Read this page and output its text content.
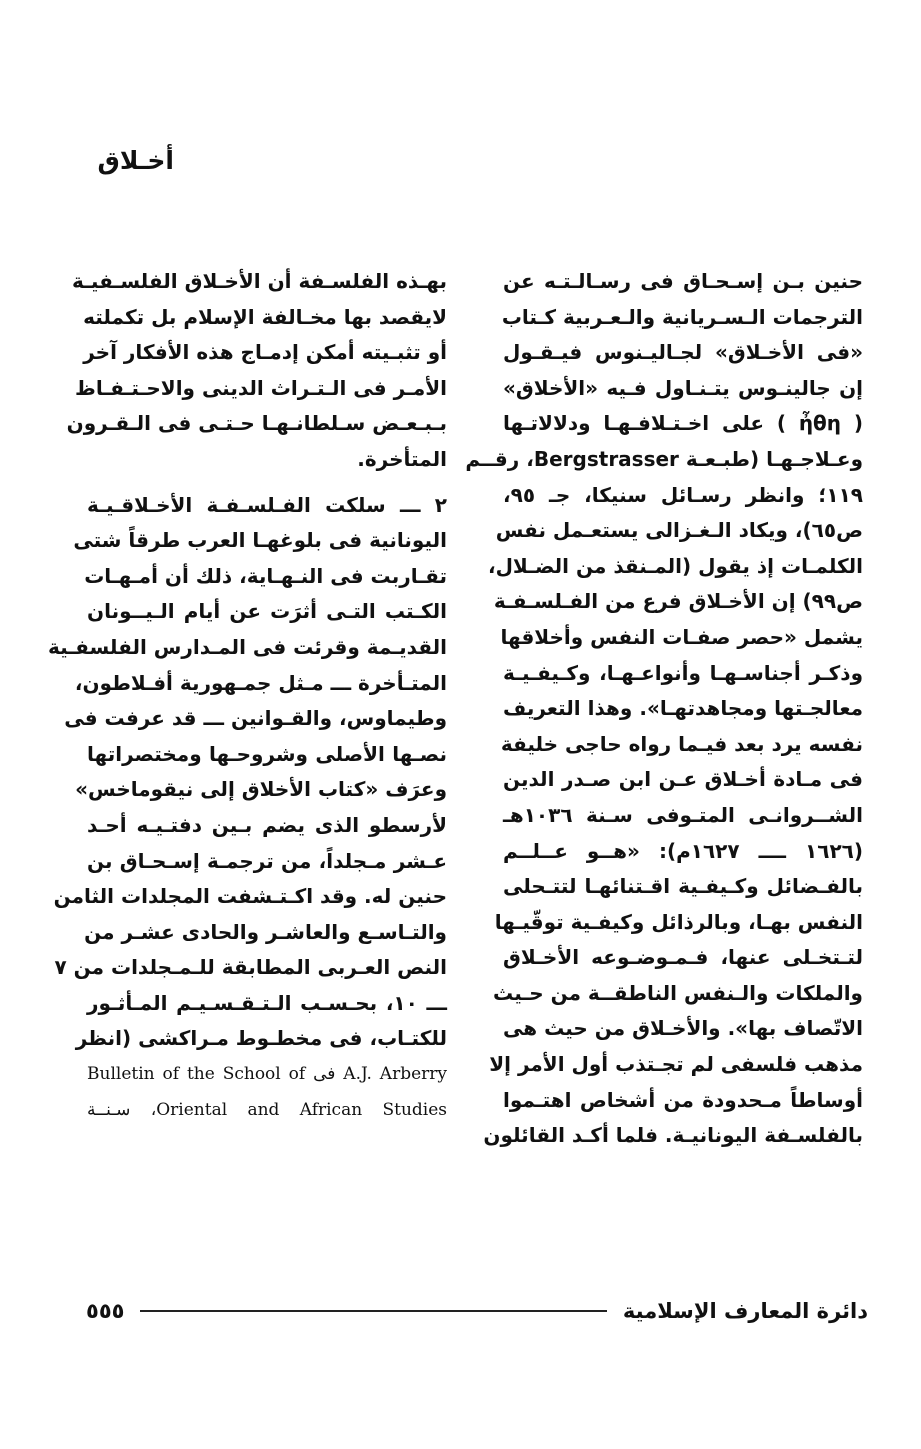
أخـلاق
حنين بـن إسـحـاق فى رسـالـتـه عن
الترجمات الـسـريانية والـعـربية كـتاب
«فى الأخـلاق» لجـاليـنوس فيـقـول
إن جالينـوس يتـنـاول فـيه «الأخلاق»
( ἦθη ) على اخـتـلافـهـا ودلالاتـها
وعـلاجـهـا (طبـعـة Bergstrasser، رقــم
١١٩؛ وانظر رسـائل سنيكا، جـ ٩٥،
ص٦٥)، ويكاد الـغـزالى يستعـمل نفس
الكلمـات إذ يقول (المـنقذ من الضـلال،
ص٩٩) إن الأخـلاق فرع من الفـلسـفـة
يشمل «حصر صفـات النفس وأخلاقها
وذكـر أجناسـهـا وأنواعـهـا، وكـيفـيـة
معالجـتها ومجاهدتهـا». وهذا التعريف
نفسه يرد بعد فيـما رواه حاجى خليفة
فى مـادة أخـلاق عـن ابن صـدر الدين
الشــروانـى المتـوفى سـنة ١٠٣٦هـ
(١٦٢٦ ــــ ١٦٢٧م): «هــو عــلــم
بالفـضائل وكـيفـية اقـتنائهـا لتتـحلى
النفس بهـا، وبالرذائل وكيفـية توقّيـها
لتـتخـلى عنها، فـمـوضـوعه الأخـلاق
والملكات والـنفس الناطقــة من حـيث
الاتّصاف بها». والأخـلاق من حيث هى
مذهب فلسفى لم تجـتذب أول الأمر إلا
أوساطاً مـحدودة من أشخاص اهتـموا
بالفلسـفة اليونانيـة. فلما أكـد القائلون
بهـذه الفلسـفة أن الأخـلاق الفلسـفيـة
لايقصد بها مخـالفة الإسلام بل تكملته
أو تثبـيته أمكن إدمـاج هذه الأفكار آخر
الأمـر فى الـتـراث الدينى والاحـتـفـاظ
بـبـعـض سـلطانـهـا حـتـى فى الـقـرون
المتأخرة.
٢ ـــ سلكت الفـلسـفـة الأخـلاقـيـة
اليونانية فى بلوغهـا العرب طرقاً شتى
تقـاربت فى النـهـاية، ذلك أن أمـهـات
الكـتب التـى أثرَت عن أيام الـيــونان
القديـمة وقرئت فى المـدارس الفلسفـية
المتـأخرة ـــ مـثل جمـهورية أفـلاطون،
وطيماوس، والقـوانين ـــ قد عرفت فى
نصـها الأصلى وشروحـها ومختصراتها
وعرَف «كتاب الأخلاق إلى نيقوماخس»
لأرسطو الذى يضم بـين دفتـيـه أحـد
عـشر مـجلداً، من ترجمـة إسـحـاق بن
حنين له. وقد اكـتـشفت المجلدات الثامن
والتـاسـع والعاشـر والحادى عشـر من
النص العـربى المطابقة للـمـجلدات من ٧
ـــ ١٠، بحـسـب الـتـقـسـيـم المـأثـور
للكتـاب، فى مخطـوط مـراكشى (انظر
A.J. Arberry فى Bulletin of the School of
Oriental and African Studies، سـنــة
دائرة المعارف الإسلامية
٥٥٥
